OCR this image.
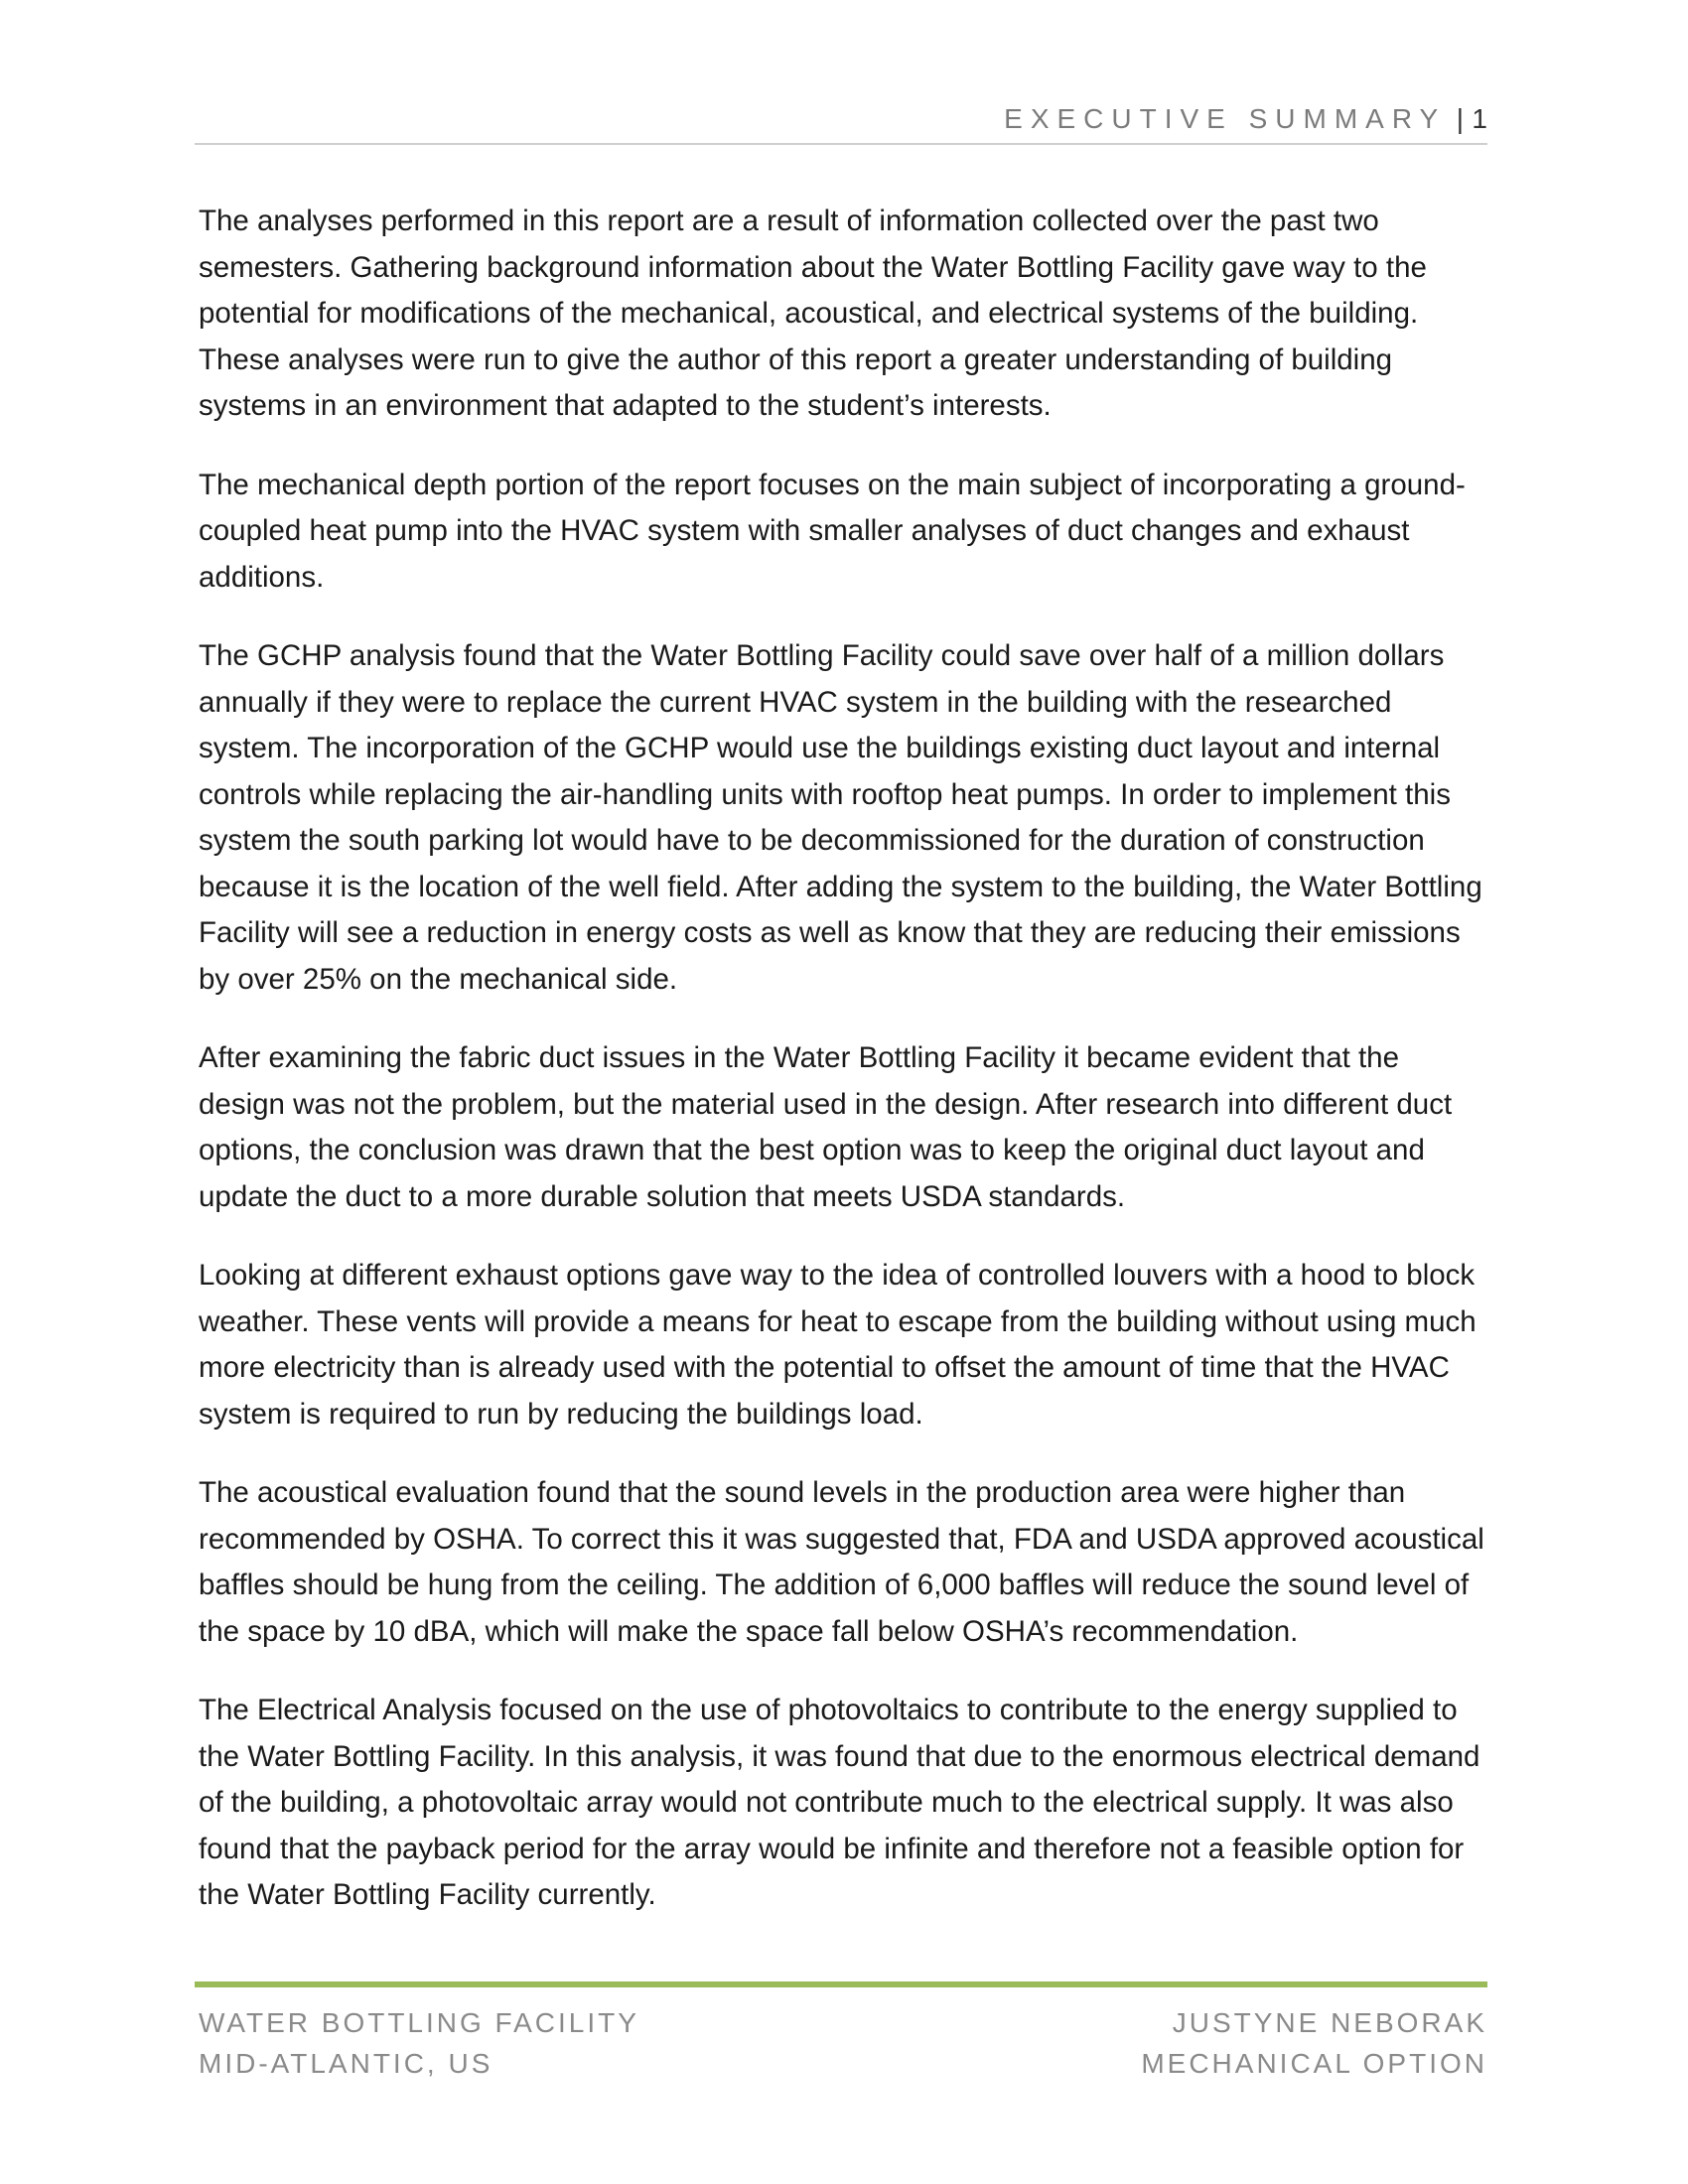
EXECUTIVE SUMMARY | 1

The analyses performed in this report are a result of information collected over the past two semesters. Gathering background information about the Water Bottling Facility gave way to the potential for modifications of the mechanical, acoustical, and electrical systems of the building. These analyses were run to give the author of this report a greater understanding of building systems in an environment that adapted to the student’s interests.

The mechanical depth portion of the report focuses on the main subject of incorporating a ground-coupled heat pump into the HVAC system with smaller analyses of duct changes and exhaust additions.

The GCHP analysis found that the Water Bottling Facility could save over half of a million dollars annually if they were to replace the current HVAC system in the building with the researched system. The incorporation of the GCHP would use the buildings existing duct layout and internal controls while replacing the air-handling units with rooftop heat pumps. In order to implement this system the south parking lot would have to be decommissioned for the duration of construction because it is the location of the well field. After adding the system to the building, the Water Bottling Facility will see a reduction in energy costs as well as know that they are reducing their emissions by over 25% on the mechanical side.

After examining the fabric duct issues in the Water Bottling Facility it became evident that the design was not the problem, but the material used in the design. After research into different duct options, the conclusion was drawn that the best option was to keep the original duct layout and update the duct to a more durable solution that meets USDA standards.

Looking at different exhaust options gave way to the idea of controlled louvers with a hood to block weather. These vents will provide a means for heat to escape from the building without using much more electricity than is already used with the potential to offset the amount of time that the HVAC system is required to run by reducing the buildings load.

The acoustical evaluation found that the sound levels in the production area were higher than recommended by OSHA. To correct this it was suggested that, FDA and USDA approved acoustical baffles should be hung from the ceiling. The addition of 6,000 baffles will reduce the sound level of the space by 10 dBA, which will make the space fall below OSHA’s recommendation.

The Electrical Analysis focused on the use of photovoltaics to contribute to the energy supplied to the Water Bottling Facility. In this analysis, it was found that due to the enormous electrical demand of the building, a photovoltaic array would not contribute much to the electrical supply. It was also found that the payback period for the array would be infinite and therefore not a feasible option for the Water Bottling Facility currently.

WATER BOTTLING FACILITY
MID-ATLANTIC, US
JUSTYNE NEBORAK
MECHANICAL OPTION
